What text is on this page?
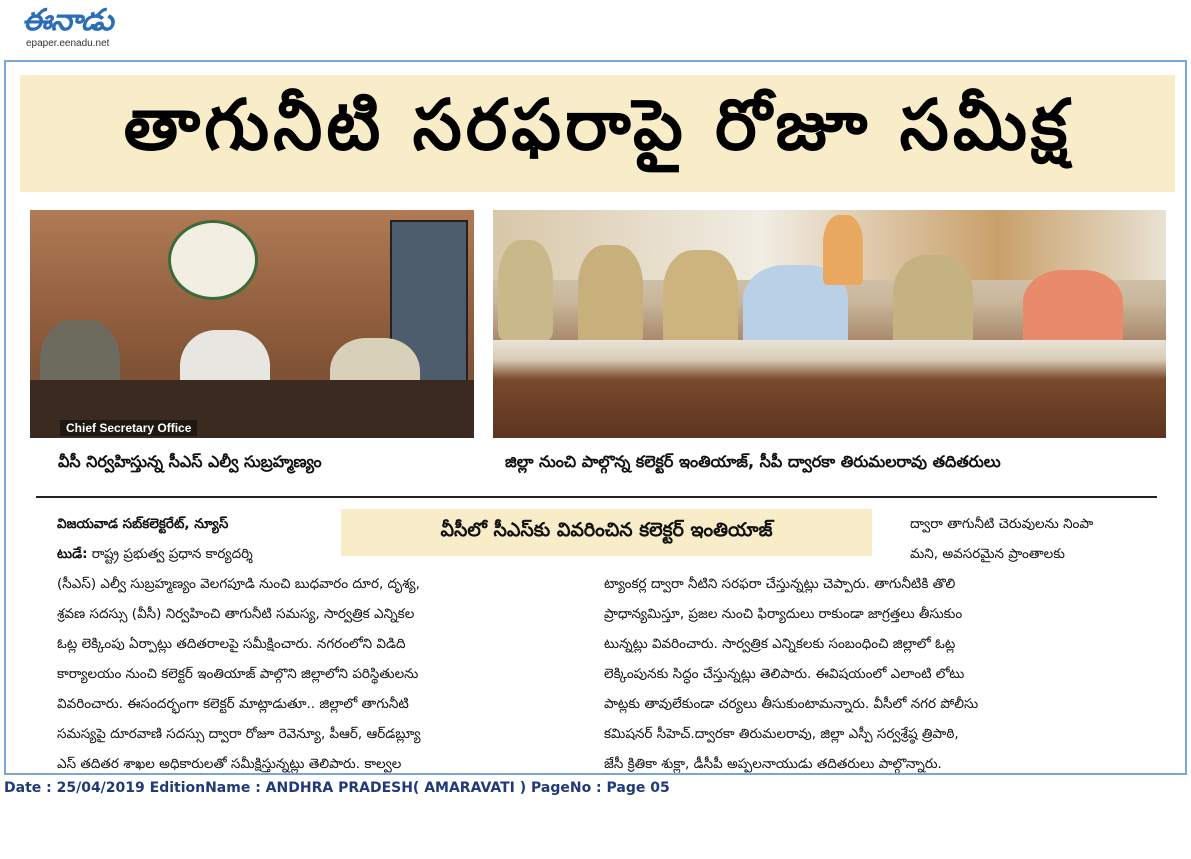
ఈనాడు
epaper.eenadu.net
తాగునీటి సరఫరాపై రోజూ సమీక్ష
Chief Secretary Office
వీసీ నిర్వహిస్తున్న సీఎస్‌ ఎల్వీ సుబ్రహ్మణ్యం	జిల్లా నుంచి పాల్గొన్న కలెక్టర్‌ ఇంతియాజ్‌, సీపీ ద్వారకా తిరుమలరావు తదితరులు
విజయవాడ సబ్‌కలెక్టరేట్‌, న్యూస్‌
టుడే: రాష్ట్ర ప్రభుత్వ ప్రధాన కార్యదర్శి
(సీఎస్‌) ఎల్వీ సుబ్రహ్మణ్యం వెలగపూడి నుంచి బుధవారం దూర, దృశ్య,
శ్రవణ సదస్సు (వీసీ) నిర్వహించి తాగునీటి సమస్య, సార్వత్రిక ఎన్నికల
ఓట్ల లెక్కింపు ఏర్పాట్లు తదితరాలపై సమీక్షించారు. నగరంలోని విడిది
కార్యాలయం నుంచి కలెక్టర్‌ ఇంతియాజ్‌ పాల్గొని జిల్లాలోని పరిస్థితులను
వివరించారు. ఈసందర్భంగా కలెక్టర్‌ మాట్లాడుతూ.. జిల్లాలో తాగునీటి
సమస్యపై దూరవాణి సదస్సు ద్వారా రోజూ రెవెన్యూ, పీఆర్‌, ఆర్‌డబ్ల్యూ
ఎస్‌ తదితర శాఖల అధికారులతో సమీక్షిస్తున్నట్లు తెలిపారు. కాల్వల
వీసీలో సీఎస్‌కు వివరించిన కలెక్టర్‌ ఇంతియాజ్‌	ద్వారా తాగునీటి చెరువులను నింపా
మని, అవసరమైన ప్రాంతాలకు
ట్యాంకర్ల ద్వారా నీటిని సరఫరా చేస్తున్నట్లు చెప్పారు. తాగునీటికి తొలి
ప్రాధాన్యమిస్తూ, ప్రజల నుంచి ఫిర్యాదులు రాకుండా జాగ్రత్తలు తీసుకుం
టున్నట్లు వివరించారు. సార్వత్రిక ఎన్నికలకు సంబంధించి జిల్లాలో ఓట్ల
లెక్కింపునకు సిద్ధం చేస్తున్నట్లు తెలిపారు. ఈవిషయంలో ఎలాంటి లోటు
పాట్లకు తావులేకుండా చర్యలు తీసుకుంటామన్నారు. వీసీలో నగర పోలీసు
కమిషనర్‌ సీహెచ్‌.ద్వారకా తిరుమలరావు, జిల్లా ఎస్పీ సర్వశ్రేష్ఠ త్రిపాఠి,
జేసీ క్రితికా శుక్లా, డీసీపీ అప్పలనాయుడు తదితరులు పాల్గొన్నారు.
Date : 25/04/2019 EditionName : ANDHRA PRADESH( AMARAVATI ) PageNo : Page 05
